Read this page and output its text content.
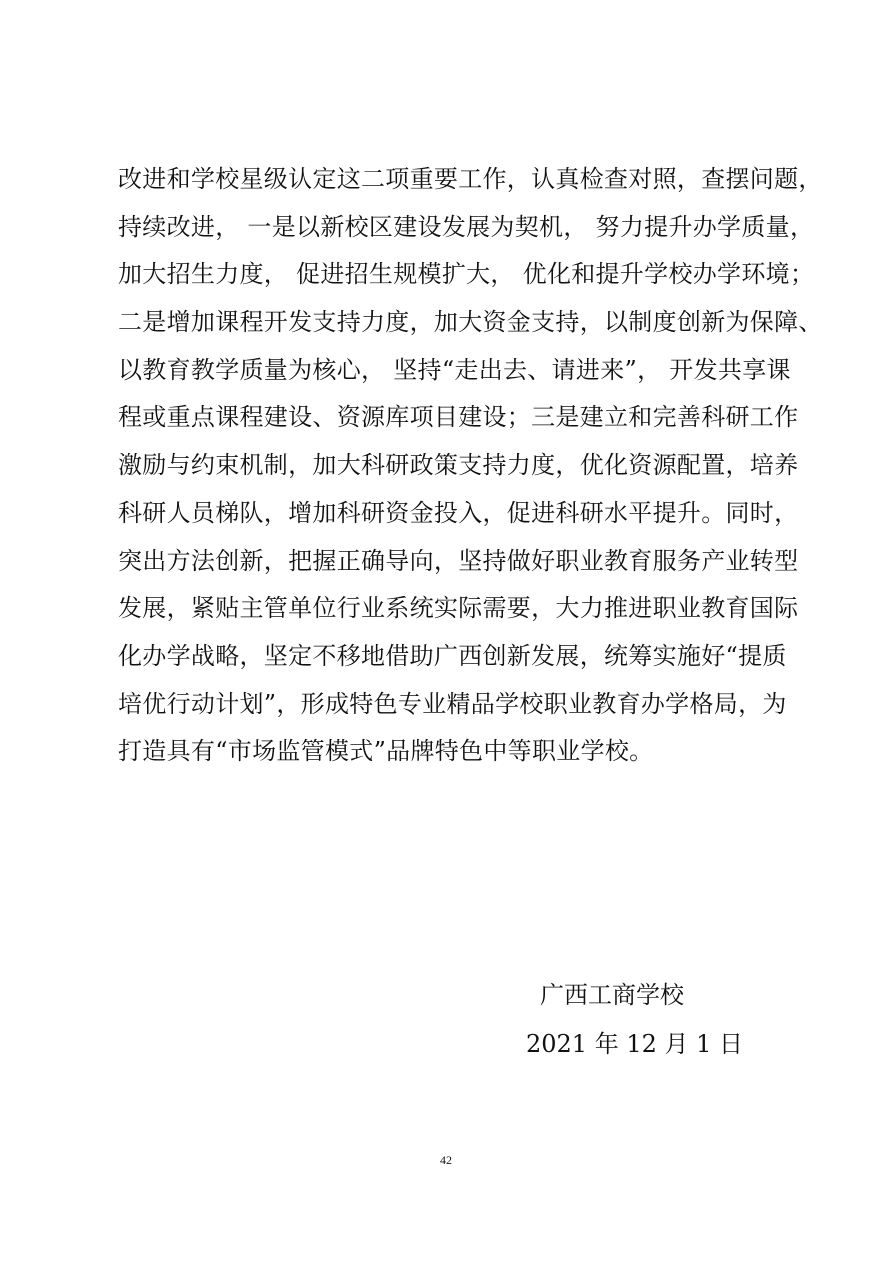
改进和学校星级认定这二项重要工作，认真检查对照，查摆问题，
持续改进， 一是以新校区建设发展为契机， 努力提升办学质量，
加大招生力度， 促进招生规模扩大， 优化和提升学校办学环境；
二是增加课程开发支持力度，加大资金支持，以制度创新为保障、
以教育教学质量为核心， 坚持“走出去、请进来”， 开发共享课
程或重点课程建设、资源库项目建设；三是建立和完善科研工作
激励与约束机制，加大科研政策支持力度，优化资源配置，培养
科研人员梯队，增加科研资金投入，促进科研水平提升。同时，
突出方法创新，把握正确导向，坚持做好职业教育服务产业转型
发展，紧贴主管单位行业系统实际需要，大力推进职业教育国际
化办学战略，坚定不移地借助广西创新发展，统筹实施好“提质
培优行动计划”，形成特色专业精品学校职业教育办学格局，为
打造具有“市场监管模式”品牌特色中等职业学校。
广西工商学校
2021 年 12 月 1 日
42
